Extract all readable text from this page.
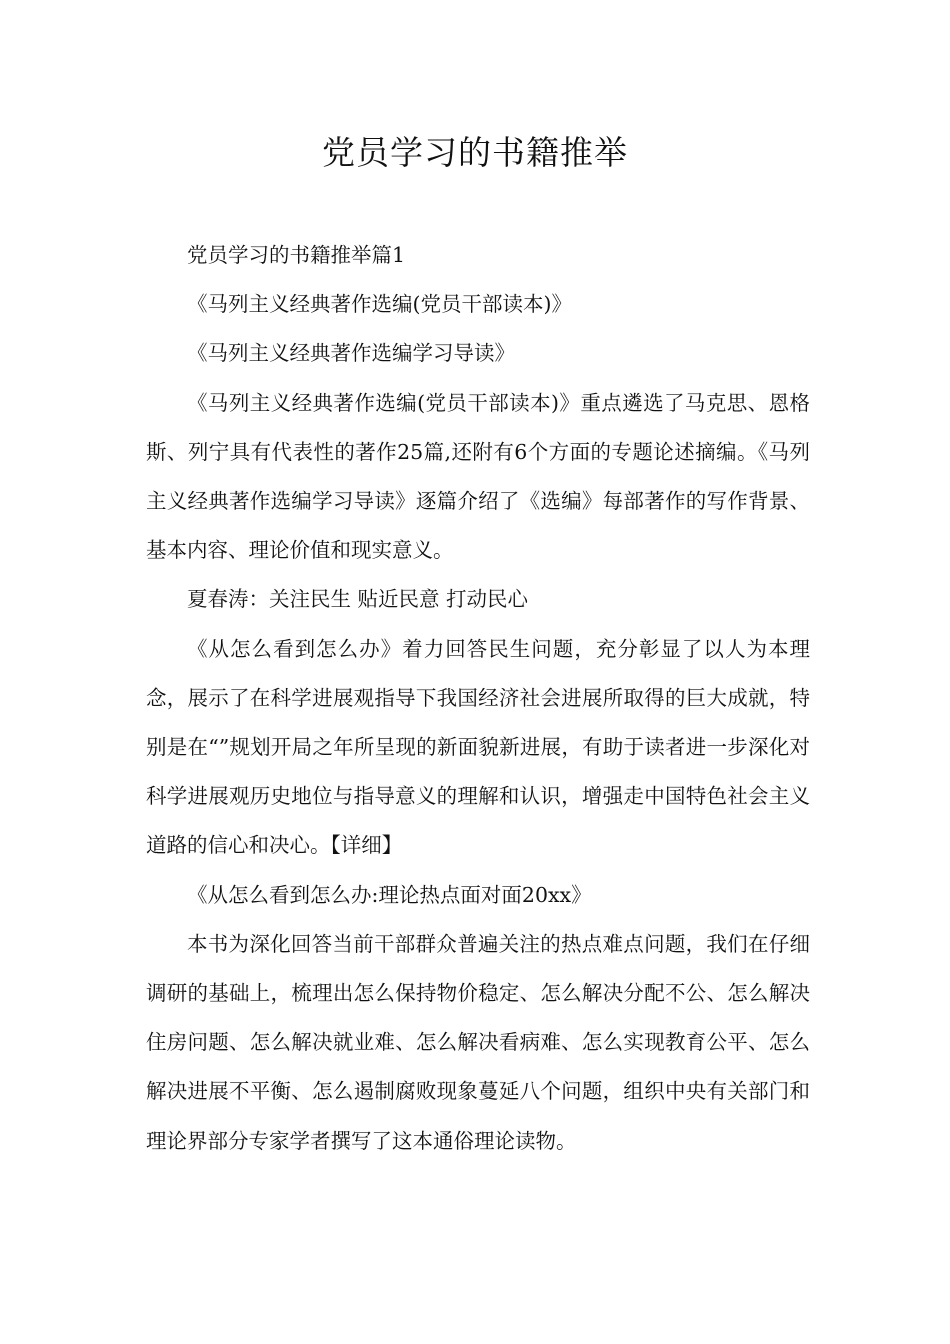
党员学习的书籍推举

党员学习的书籍推举篇1

《马列主义经典著作选编(党员干部读本)》

《马列主义经典著作选编学习导读》

《马列主义经典著作选编(党员干部读本)》重点遴选了马克思、恩格斯、列宁具有代表性的著作25篇,还附有6个方面的专题论述摘编。《马列主义经典著作选编学习导读》逐篇介绍了《选编》每部著作的写作背景、基本内容、理论价值和现实意义。

夏春涛：关注民生 贴近民意 打动民心

《从怎么看到怎么办》着力回答民生问题，充分彰显了以人为本理念，展示了在科学进展观指导下我国经济社会进展所取得的巨大成就，特别是在“”规划开局之年所呈现的新面貌新进展，有助于读者进一步深化对科学进展观历史地位与指导意义的理解和认识，增强走中国特色社会主义道路的信心和决心。【详细】

《从怎么看到怎么办:理论热点面对面20xx》

本书为深化回答当前干部群众普遍关注的热点难点问题，我们在仔细调研的基础上，梳理出怎么保持物价稳定、怎么解决分配不公、怎么解决住房问题、怎么解决就业难、怎么解决看病难、怎么实现教育公平、怎么解决进展不平衡、怎么遏制腐败现象蔓延八个问题，组织中央有关部门和理论界部分专家学者撰写了这本通俗理论读物。
